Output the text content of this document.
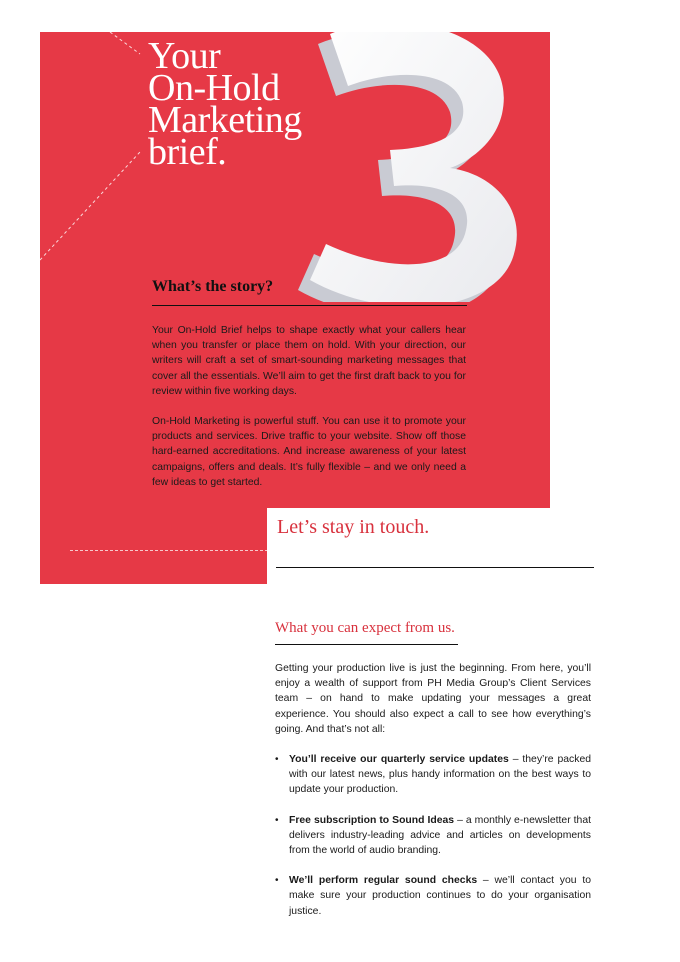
Your
On-Hold
Marketing
brief.
What’s the story?

Your On-Hold Brief helps to shape exactly what your callers hear when you transfer or place them on hold. With your direction, our writers will craft a set of smart-sounding marketing messages that cover all the essentials. We’ll aim to get the first draft back to you for review within five working days.

On-Hold Marketing is powerful stuff. You can use it to promote your products and services. Drive traffic to your website. Show off those hard-earned accreditations. And increase awareness of your latest campaigns, offers and deals. It’s fully flexible – and we only need a few ideas to get started.

Let’s stay in touch.
What you can expect from us.

Getting your production live is just the beginning. From here, you’ll enjoy a wealth of support from PH Media Group’s Client Services team – on hand to make updating your messages a great experience. You should also expect a call to see how everything’s going. And that’s not all:

• You’ll receive our quarterly service updates – they’re packed with our latest news, plus handy information on the best ways to update your production.
• Free subscription to Sound Ideas – a monthly e-newsletter that delivers industry-leading advice and articles on developments from the world of audio branding.
• We’ll perform regular sound checks – we’ll contact you to make sure your production continues to do your organisation justice.
